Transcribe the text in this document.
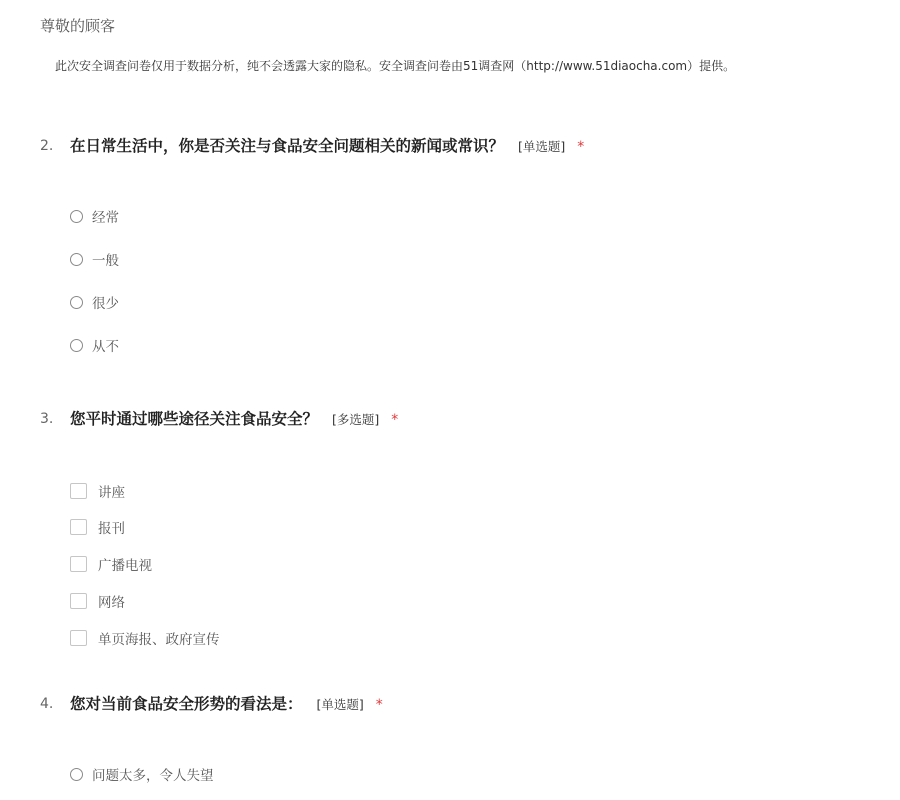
尊敬的顾客
此次安全调查问卷仅用于数据分析，纯不会透露大家的隐私。安全调查问卷由51调查网（http://www.51diaocha.com）提供。
2. 在日常生活中，你是否关注与食品安全问题相关的新闻或常识？ [单选题] *
经常
一般
很少
从不
3. 您平时通过哪些途径关注食品安全？ [多选题] *
讲座
报刊
广播电视
网络
单页海报、政府宣传
4. 您对当前食品安全形势的看法是： [单选题] *
问题太多，令人失望
